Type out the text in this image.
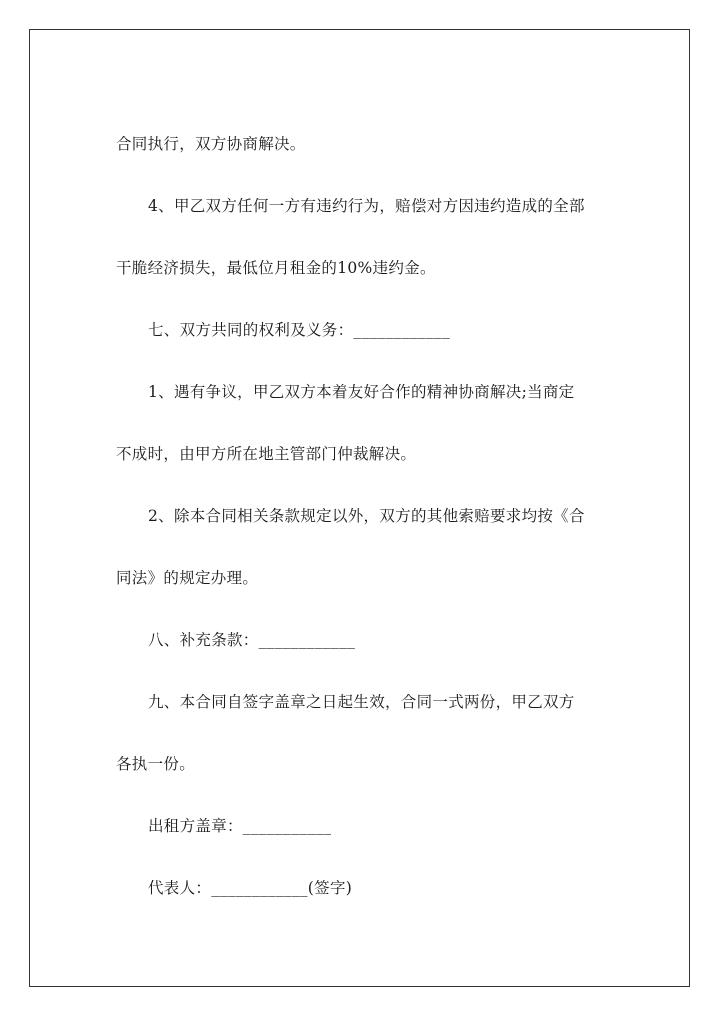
合同执行，双方协商解决。
4、甲乙双方任何一方有违约行为，赔偿对方因违约造成的全部
干脆经济损失，最低位月租金的10%违约金。
七、双方共同的权利及义务：____________
1、遇有争议，甲乙双方本着友好合作的精神协商解决;当商定
不成时，由甲方所在地主管部门仲裁解决。
2、除本合同相关条款规定以外，双方的其他索赔要求均按《合
同法》的规定办理。
八、补充条款：____________
九、本合同自签字盖章之日起生效，合同一式两份，甲乙双方
各执一份。
出租方盖章：___________
代表人：____________(签字)
